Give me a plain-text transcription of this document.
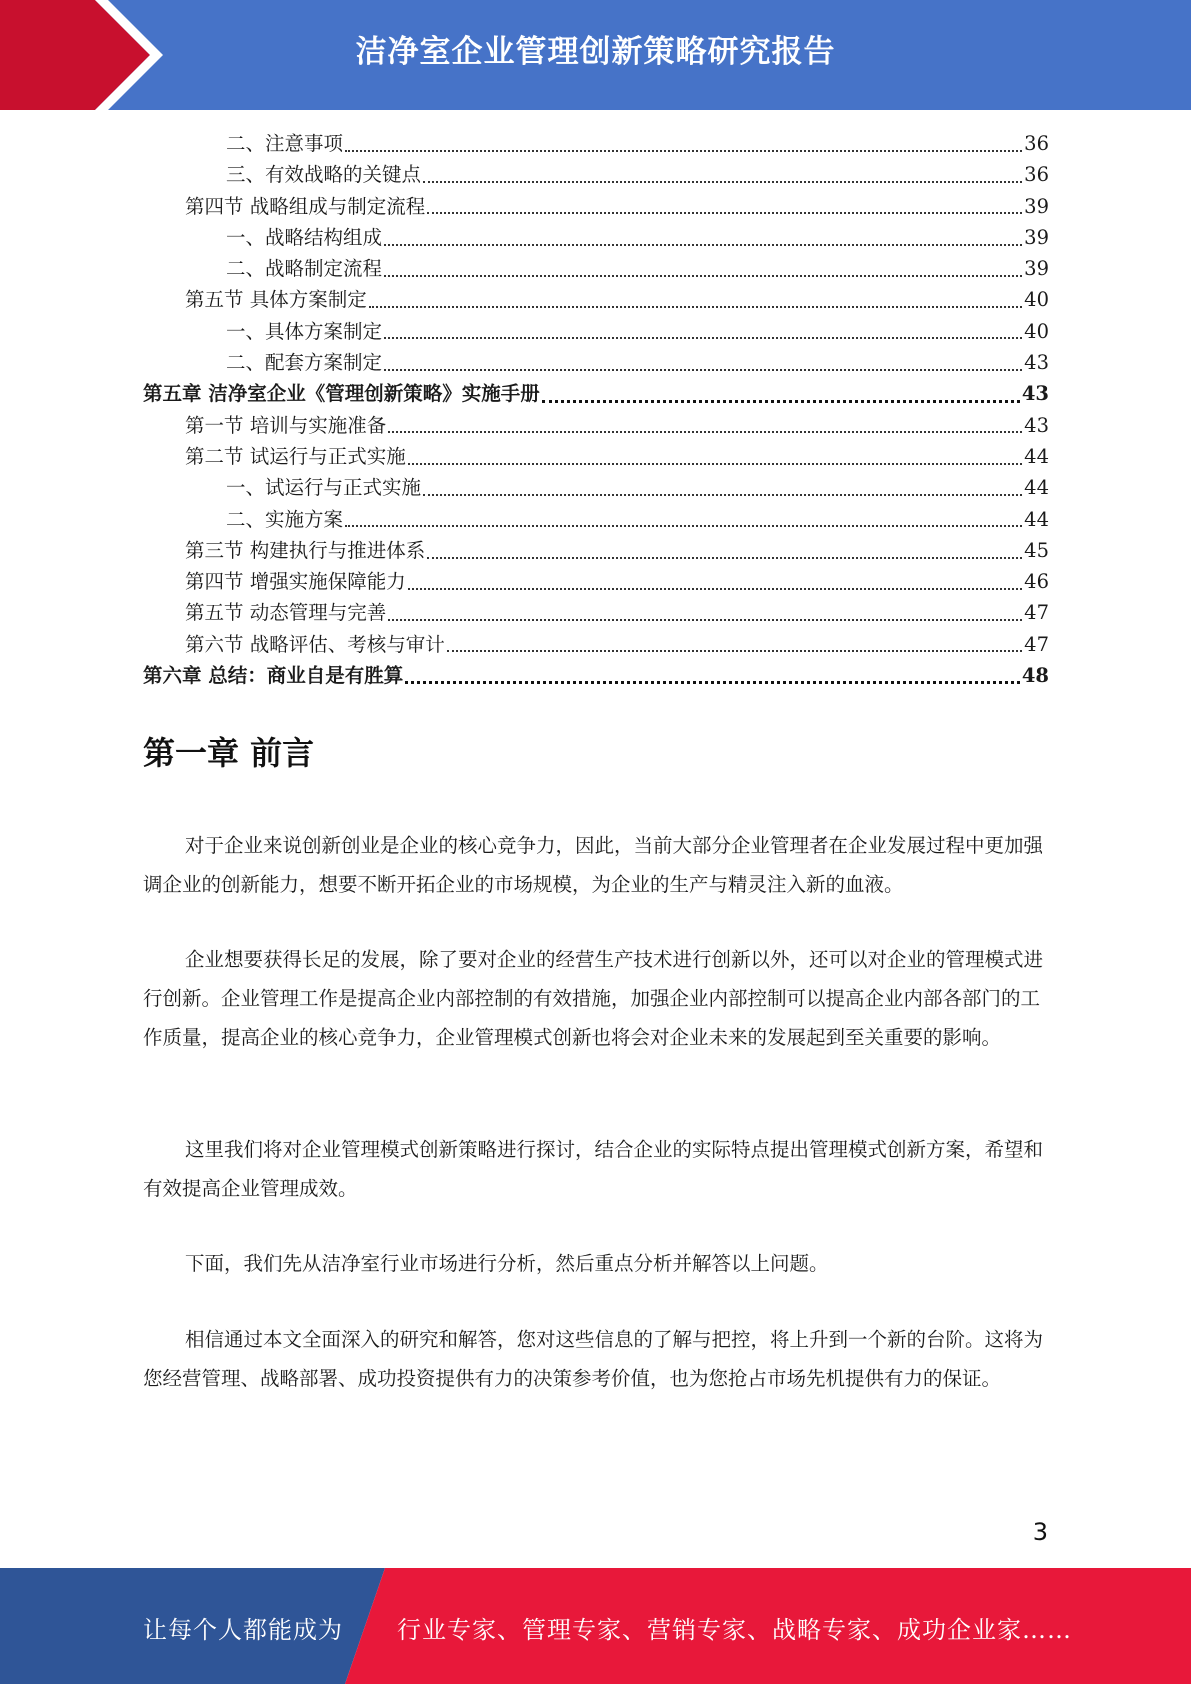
洁净室企业管理创新策略研究报告
二、注意事项	36
三、有效战略的关键点	36
第四节 战略组成与制定流程	39
一、战略结构组成	39
二、战略制定流程	39
第五节 具体方案制定	40
一、具体方案制定	40
二、配套方案制定	43
第五章 洁净室企业《管理创新策略》实施手册	43
第一节 培训与实施准备	43
第二节 试运行与正式实施	44
一、试运行与正式实施	44
二、实施方案	44
第三节 构建执行与推进体系	45
第四节 增强实施保障能力	46
第五节 动态管理与完善	47
第六节 战略评估、考核与审计	47
第六章 总结：商业自是有胜算	48
第一章 前言

对于企业来说创新创业是企业的核心竞争力，因此，当前大部分企业管理者在企业发展过程中更加强调企业的创新能力，想要不断开拓企业的市场规模，为企业的生产与精灵注入新的血液。

企业想要获得长足的发展，除了要对企业的经营生产技术进行创新以外，还可以对企业的管理模式进行创新。企业管理工作是提高企业内部控制的有效措施，加强企业内部控制可以提高企业内部各部门的工作质量，提高企业的核心竞争力，企业管理模式创新也将会对企业未来的发展起到至关重要的影响。

这里我们将对企业管理模式创新策略进行探讨，结合企业的实际特点提出管理模式创新方案，希望和有效提高企业管理成效。

下面，我们先从洁净室行业市场进行分析，然后重点分析并解答以上问题。

相信通过本文全面深入的研究和解答，您对这些信息的了解与把控，将上升到一个新的台阶。这将为您经营管理、战略部署、成功投资提供有力的决策参考价值，也为您抢占市场先机提供有力的保证。

3
让每个人都能成为 行业专家、管理专家、营销专家、战略专家、成功企业家……
